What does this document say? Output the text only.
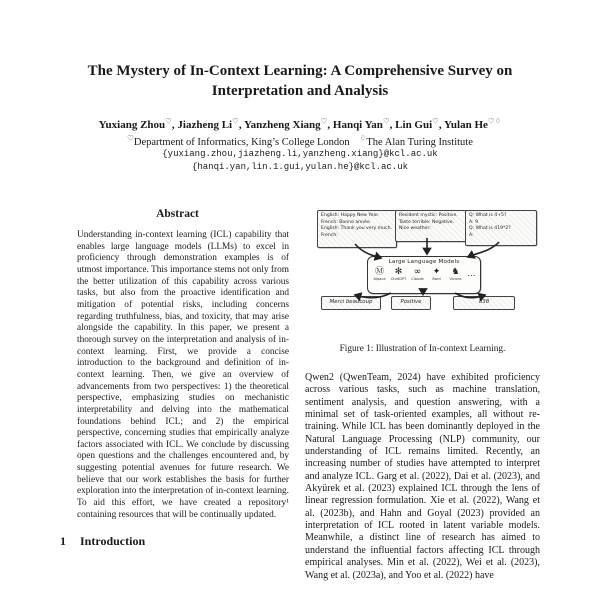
The Mystery of In-Context Learning: A Comprehensive Survey on Interpretation and Analysis
Yuxiang Zhou♡, Jiazheng Li♡, Yanzheng Xiang♡, Hanqi Yan♡, Lin Gui♡, Yulan He♡♢
♡Department of Informatics, King’s College London ♢The Alan Turing Institute
{yuxiang.zhou,jiazheng.li,yanzheng.xiang}@kcl.ac.uk
{hanqi.yan,lin.1.gui,yulan.he}@kcl.ac.uk
Abstract

Understanding in-context learning (ICL) capability that enables large language models (LLMs) to excel in proficiency through demonstration examples is of utmost importance. This importance stems not only from the better utilization of this capability across various tasks, but also from the proactive identification and mitigation of potential risks, including concerns regarding truthfulness, bias, and toxicity, that may arise alongside the capability. In this paper, we present a thorough survey on the interpretation and analysis of in-context learning. First, we provide a concise introduction to the background and definition of in-context learning. Then, we give an overview of advancements from two perspectives: 1) the theoretical perspective, emphasizing studies on mechanistic interpretability and delving into the mathematical foundations behind ICL; and 2) the empirical perspective, concerning studies that empirically analyze factors associated with ICL. We conclude by discussing open questions and the challenges encountered and, by suggesting potential avenues for future research. We believe that our work establishes the basis for further exploration into the interpretation of in-context learning. To aid this effort, we have created a repository¹ containing resources that will be continually updated.

1 Introduction
English: Happy New Year.
French: Bonne année.
English: Thank you very much.
French:
Resident mystic: Positive.
Taste terrible: Negative.
Nice weather:
Q: What is 4+5?
A: 9
Q: What is 419*2?
A:
Large Language Models
Ⓜ
Alpaca
✻
ChatGPT
∞
Claude
✦
Bard
♞
Vicuna
…
Merci beaucoup	Positive	838
Figure 1: Illustration of In-context Learning.

Qwen2 (QwenTeam, 2024) have exhibited proficiency across various tasks, such as machine translation, sentiment analysis, and question answering, with a minimal set of task-oriented examples, all without re-training. While ICL has been dominantly deployed in the Natural Language Processing (NLP) community, our understanding of ICL remains limited. Recently, an increasing number of studies have attempted to interpret and analyze ICL. Garg et al. (2022), Dai et al. (2023), and Akyürek et al. (2023) explained ICL through the lens of linear regression formulation. Xie et al. (2022), Wang et al. (2023b), and Hahn and Goyal (2023) provided an interpretation of ICL rooted in latent variable models. Meanwhile, a distinct line of research has aimed to understand the influential factors affecting ICL through empirical analyses. Min et al. (2022), Wei et al. (2023), Wang et al. (2023a), and Yoo et al. (2022) have
